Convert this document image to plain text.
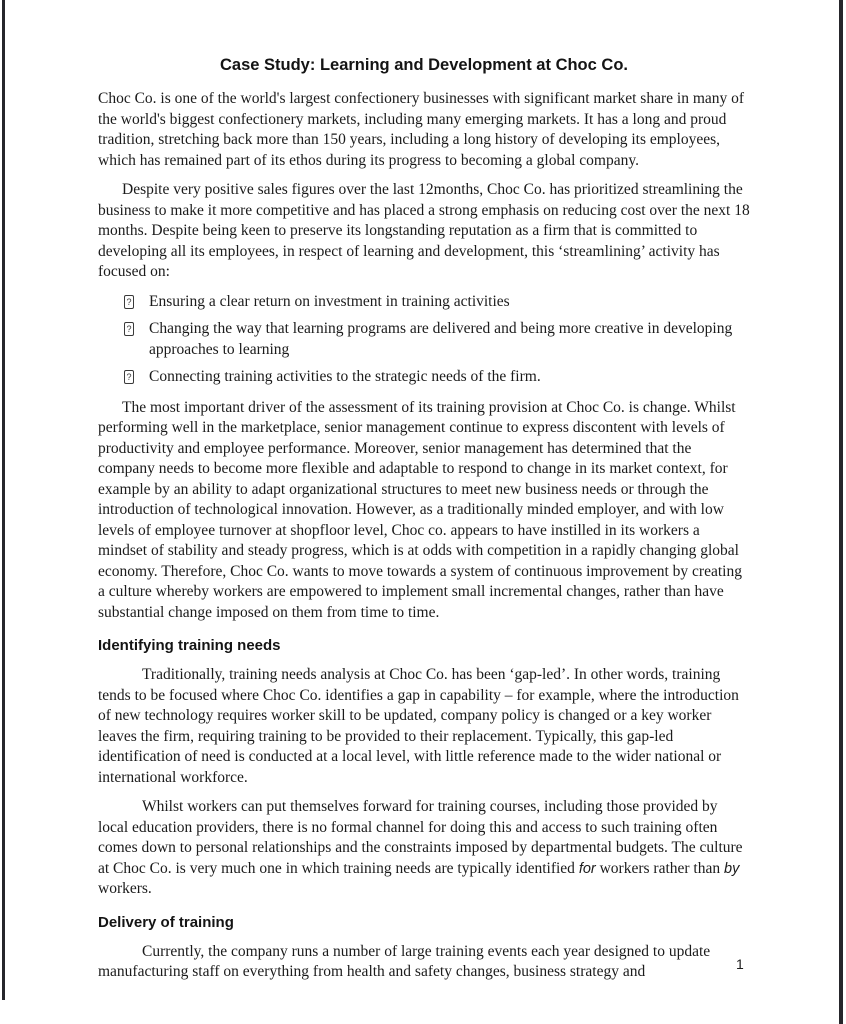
Case Study: Learning and Development at Choc Co.

Choc Co. is one of the world's largest confectionery businesses with significant market share in many of the world's biggest confectionery markets, including many emerging markets. It has a long and proud tradition, stretching back more than 150 years, including a long history of developing its employees, which has remained part of its ethos during its progress to becoming a global company.

Despite very positive sales figures over the last 12months, Choc Co. has prioritized streamlining the business to make it more competitive and has placed a strong emphasis on reducing cost over the next 18 months. Despite being keen to preserve its longstanding reputation as a firm that is committed to developing all its employees, in respect of learning and development, this ‘streamlining’ activity has focused on:

? Ensuring a clear return on investment in training activities
? Changing the way that learning programs are delivered and being more creative in developing approaches to learning
? Connecting training activities to the strategic needs of the firm.

The most important driver of the assessment of its training provision at Choc Co. is change. Whilst performing well in the marketplace, senior management continue to express discontent with levels of productivity and employee performance. Moreover, senior management has determined that the company needs to become more flexible and adaptable to respond to change in its market context, for example by an ability to adapt organizational structures to meet new business needs or through the introduction of technological innovation. However, as a traditionally minded employer, and with low levels of employee turnover at shopfloor level, Choc co. appears to have instilled in its workers a mindset of stability and steady progress, which is at odds with competition in a rapidly changing global economy. Therefore, Choc Co. wants to move towards a system of continuous improvement by creating a culture whereby workers are empowered to implement small incremental changes, rather than have substantial change imposed on them from time to time.

Identifying training needs

Traditionally, training needs analysis at Choc Co. has been ‘gap-led’. In other words, training tends to be focused where Choc Co. identifies a gap in capability – for example, where the introduction of new technology requires worker skill to be updated, company policy is changed or a key worker leaves the firm, requiring training to be provided to their replacement. Typically, this gap-led identification of need is conducted at a local level, with little reference made to the wider national or international workforce.

Whilst workers can put themselves forward for training courses, including those provided by local education providers, there is no formal channel for doing this and access to such training often comes down to personal relationships and the constraints imposed by departmental budgets. The culture at Choc Co. is very much one in which training needs are typically identified for workers rather than by workers.

Delivery of training

Currently, the company runs a number of large training events each year designed to update manufacturing staff on everything from health and safety changes, business strategy and	1
